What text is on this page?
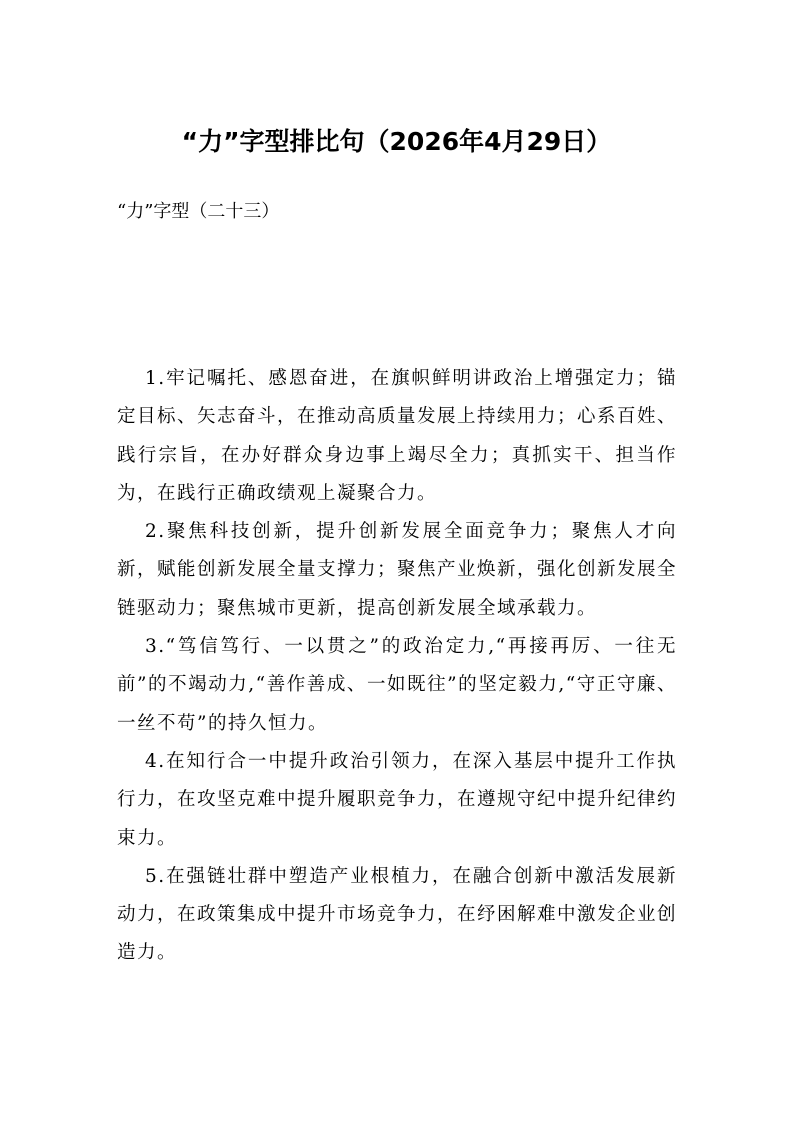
“力”字型排比句（2026年4月29日）
“力”字型（二十三）

1.牢记嘱托、感恩奋进，在旗帜鲜明讲政治上增强定力；锚定目标、矢志奋斗，在推动高质量发展上持续用力；心系百姓、践行宗旨，在办好群众身边事上竭尽全力；真抓实干、担当作为，在践行正确政绩观上凝聚合力。

2.聚焦科技创新，提升创新发展全面竞争力；聚焦人才向新，赋能创新发展全量支撑力；聚焦产业焕新，强化创新发展全链驱动力；聚焦城市更新，提高创新发展全域承载力。

3.“笃信笃行、一以贯之”的政治定力,“再接再厉、一往无前”的不竭动力,“善作善成、一如既往”的坚定毅力,“守正守廉、一丝不苟”的持久恒力。

4.在知行合一中提升政治引领力，在深入基层中提升工作执行力，在攻坚克难中提升履职竞争力，在遵规守纪中提升纪律约束力。

5.在强链壮群中塑造产业根植力，在融合创新中激活发展新动力，在政策集成中提升市场竞争力，在纾困解难中激发企业创造力。
